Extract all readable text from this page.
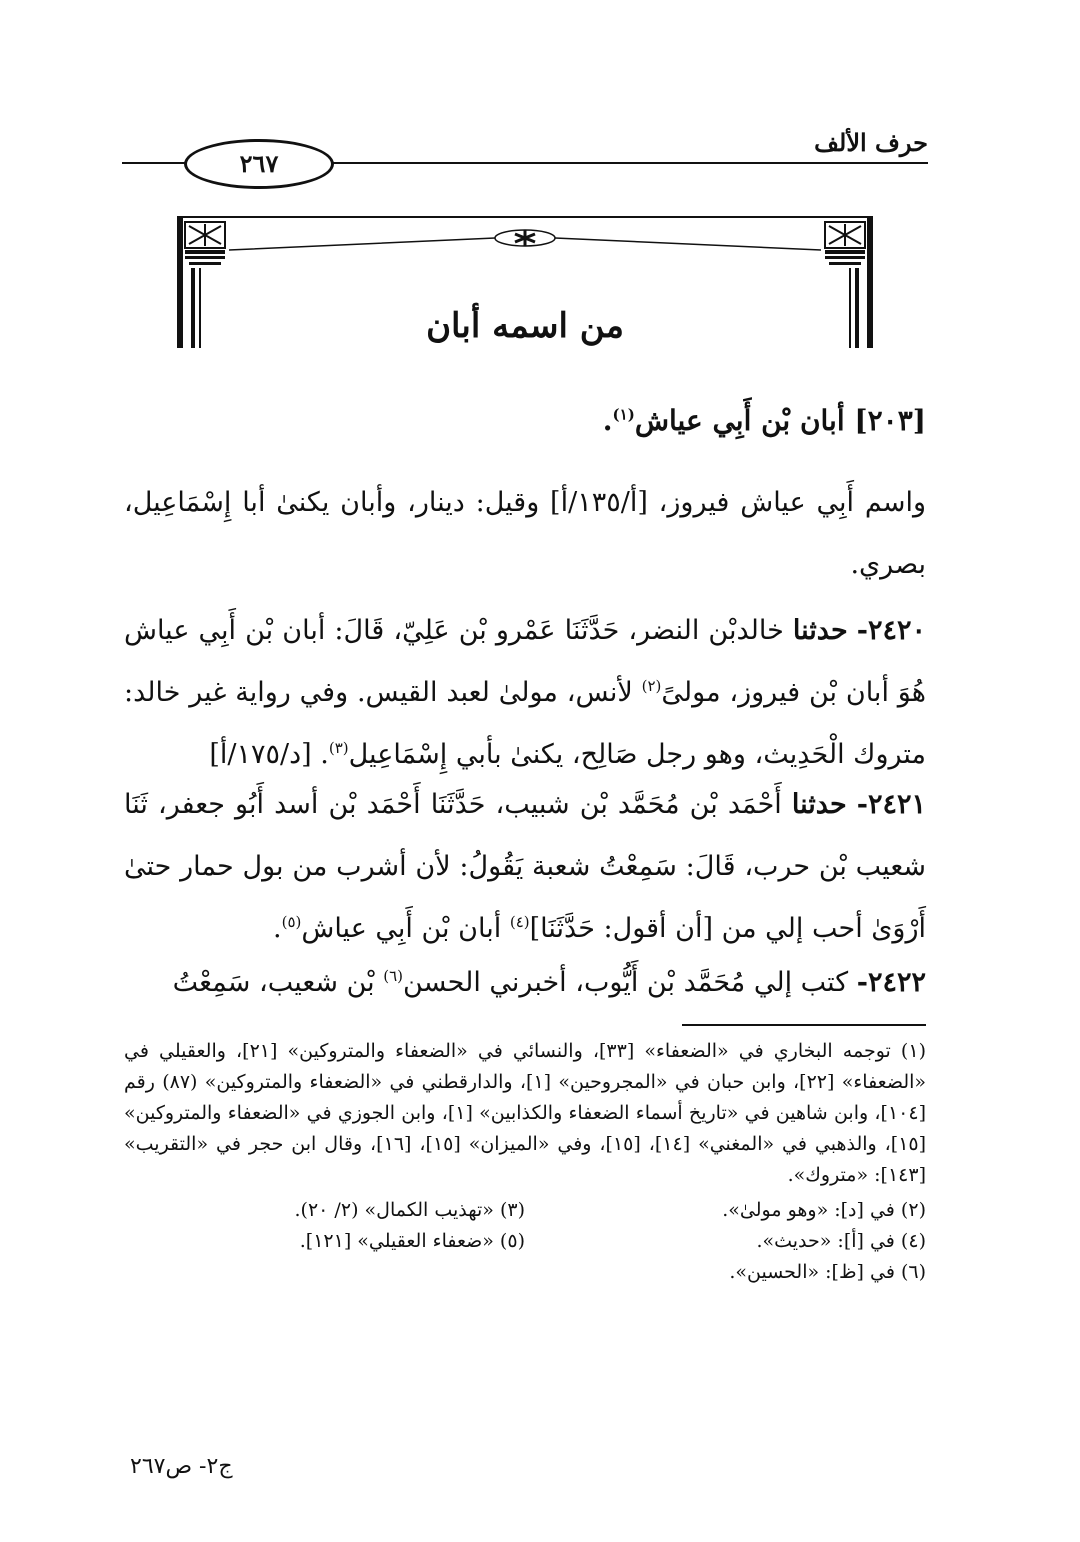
حرف الألف
٢٦٧
من اسمه أبان
[٢٠٣] أبان بْن أَبِي عياش$^{(١)}$.
واسم أَبِي عياش فيروز، [أ/١٣٥/أ] وقيل: دينار، وأبان يكنىٰ أبا إِسْمَاعِيل، بصري.
٢٤٢٠- حدثنا خالدبْن النضر، حَدَّثَنَا عَمْرو بْن عَلِيّ، قَالَ: أبان بْن أَبِي عياش هُوَ أبان بْن فيروز، مولىً$^{(٢)}$ لأنس، مولىٰ لعبد القيس. وفي رواية غير خالد: متروك الْحَدِيث، وهو رجل صَالِح، يكنىٰ بأبي إِسْمَاعِيل$^{(٣)}$. [د/١٧٥/أ]
٢٤٢١- حدثنا أَحْمَد بْن مُحَمَّد بْن شبيب، حَدَّثَنَا أَحْمَد بْن أسد أَبُو جعفر، ثَنَا شعيب بْن حرب، قَالَ: سَمِعْتُ شعبة يَقُولُ: لأن أشرب من بول حمار حتىٰ أَرْوَىٰ أحب إلي من [أن أقول: حَدَّثَنَا]$^{(٤)}$ أبان بْن أَبِي عياش$^{(٥)}$.
٢٤٢٢- كتب إلي مُحَمَّد بْن أَيُّوب، أخبرني الحسن$^{(٦)}$ بْن شعيب، سَمِعْتُ

(١) توجمه البخاري في «الضعفاء» [٣٣]، والنسائي في «الضعفاء والمتروكين» [٢١]، والعقيلي في «الضعفاء» [٢٢]، وابن حبان في «المجروحين» [١]، والدارقطني في «الضعفاء والمتروكين» (٨٧) رقم [١٠٤]، وابن شاهين في «تاريخ أسماء الضعفاء والكذابين» [١]، وابن الجوزي في «الضعفاء والمتروكين» [١٥]، والذهبي في «المغني» [١٤]، [١٥]، وفي «الميزان» [١٥]، [١٦]، وقال ابن حجر في «التقريب» [١٤٣]: «متروك».

(٢) في [د]: «وهو مولىٰ».
(٣) «تهذيب الكمال» (٢/ ٢٠).
(٤) في [أ]: «حديث».
(٥) «ضعفاء العقيلي» [١٢١].
(٦) في [ظ]: «الحسين».
ج٢- ص٢٦٧
